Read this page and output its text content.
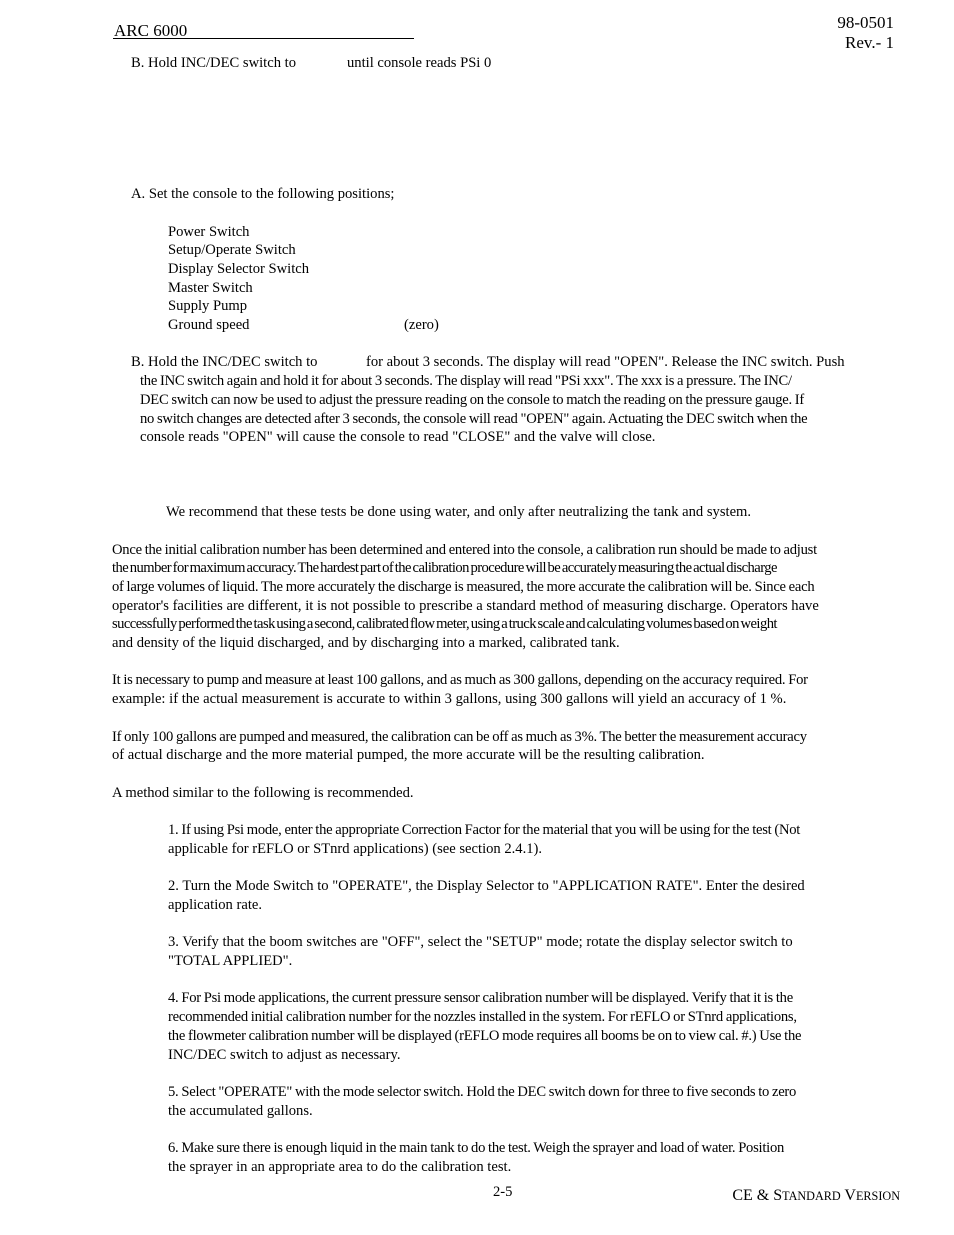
ARC 6000	98-0501
Rev.- 1
B. Hold INC/DEC switch to	until console reads PSi 0
A. Set the console to the following positions;
Power Switch
Setup/Operate Switch
Display Selector Switch
Master Switch
Supply Pump
Ground speed	(zero)
B. Hold the INC/DEC switch to	for about 3 seconds. The display will read "OPEN". Release the INC switch. Push
the INC switch again and hold it for about 3 seconds. The display will read "PSi xxx". The xxx is a pressure. The INC/
DEC switch can now be used to adjust the pressure reading on the console to match the reading on the pressure gauge. If
no switch changes are detected after 3 seconds, the console will read "OPEN" again. Actuating the DEC switch when the
console reads "OPEN" will cause the console to read "CLOSE" and the valve will close.
We recommend that these tests be done using water, and only after neutralizing the tank and system.
Once the initial calibration number has been determined and entered into the console, a calibration run should be made to adjust
the number for maximum accuracy. The hardest part of the calibration procedure will be accurately measuring the actual discharge
of large volumes of liquid. The more accurately the discharge is measured, the more accurate the calibration will be. Since each
operator's facilities are different, it is not possible to prescribe a standard method of measuring discharge. Operators have
successfully performed the task using a second, calibrated flow meter, using a truck scale and calculating volumes based on weight
and density of the liquid discharged, and by discharging into a marked, calibrated tank.
It is necessary to pump and measure at least 100 gallons, and as much as 300 gallons, depending on the accuracy required. For
example: if the actual measurement is accurate to within 3 gallons, using 300 gallons will yield an accuracy of 1 %.
If only 100 gallons are pumped and measured, the calibration can be off as much as 3%. The better the measurement accuracy
of actual discharge and the more material pumped, the more accurate will be the resulting calibration.
A method similar to the following is recommended.
1. If using Psi mode, enter the appropriate Correction Factor for the material that you will be using for the test (Not
applicable for rEFLO or STnrd applications) (see section 2.4.1).
2. Turn the Mode Switch to "OPERATE", the Display Selector to "APPLICATION RATE". Enter the desired
application rate.
3. Verify that the boom switches are "OFF", select the "SETUP" mode; rotate the display selector switch to
"TOTAL APPLIED".
4. For Psi mode applications, the current pressure sensor calibration number will be displayed. Verify that it is the
recommended initial calibration number for the nozzles installed in the system. For rEFLO or STnrd applications,
the flowmeter calibration number will be displayed (rEFLO mode requires all booms be on to view cal. #.) Use the
INC/DEC switch to adjust as necessary.
5. Select "OPERATE" with the mode selector switch. Hold the DEC switch down for three to five seconds to zero
the accumulated gallons.
6. Make sure there is enough liquid in the main tank to do the test. Weigh the sprayer and load of water. Position
the sprayer in an appropriate area to do the calibration test.
2-5	CE & STANDARD VERSION
